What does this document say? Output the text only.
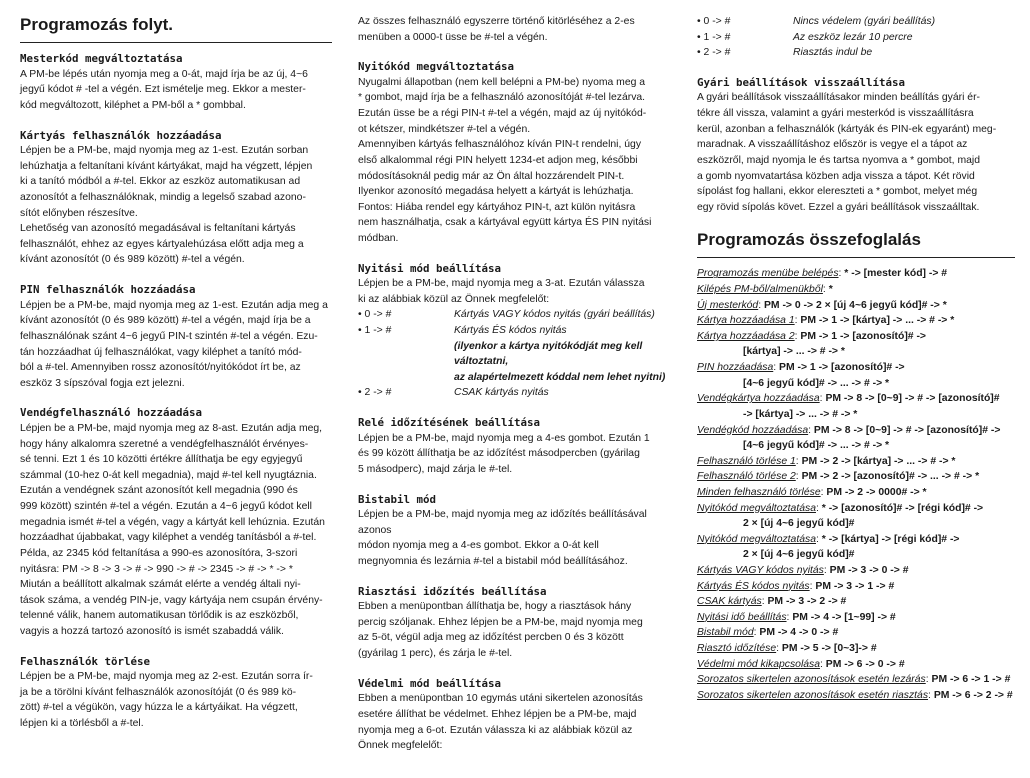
Programozás folyt.
Mesterkód megváltoztatása
A PM-be lépés után nyomja meg a 0-át, majd írja be az új, 4~6
jegyű kódot # -tel a végén. Ezt ismételje meg. Ekkor a mester-
kód megváltozott, kiléphet a PM-ből a * gombbal.
Kártyás felhasználók hozzáadása
Lépjen be a PM-be, majd nyomja meg az 1-est. Ezután sorban
lehúzhatja a feltanítani kívánt kártyákat, majd ha végzett, lépjen
ki a tanító módból a #-tel. Ekkor az eszköz automatikusan ad
azonosítót a felhasználóknak, mindig a legelső szabad azono-
sítót előnyben részesítve.
Lehetőség van azonosító megadásával is feltanítani kártyás
felhasználót, ehhez az egyes kártyalehúzása előtt adja meg a
kívánt azonosítót (0 és 989 között) #-tel a végén.
PIN felhasználók hozzáadása
Lépjen be a PM-be, majd nyomja meg az 1-est. Ezután adja meg a
kívánt azonosítót (0 és 989 között) #-tel a végén, majd írja be a
felhasználónak szánt 4~6 jegyű PIN-t szintén #-tel a végén. Ezu-
tán hozzáadhat új felhasználókat, vagy kiléphet a tanító mód-
ból a #-tel. Amennyiben rossz azonosítót/nyitókódot írt be, az
eszköz 3 sípszóval fogja ezt jelezni.
Vendégfelhasználó hozzáadása
Lépjen be a PM-be, majd nyomja meg az 8-ast. Ezután adja meg,
hogy hány alkalomra szeretné a vendégfelhasználót érvényes-
sé tenni. Ezt 1 és 10 közötti értékre állíthatja be egy egyjegyű
számmal (10-hez 0-át kell megadnia), majd #-tel kell nyugtáznia.
Ezután a vendégnek szánt azonosítót kell megadnia (990 és
999 között) szintén #-tel a végén. Ezután a 4~6 jegyű kódot kell
megadnia ismét #-tel a végén, vagy a kártyát kell lehúznia. Ezután
hozzáadhat újabbakat, vagy kiléphet a vendég tanításból a #-tel.
Példa, az 2345 kód feltanítása a 990-es azonosítóra, 3-szori
nyitásra: PM -> 8 -> 3 -> # -> 990 -> # -> 2345 -> # -> * -> *
Miután a beállított alkalmak számát elérte a vendég általi nyi-
tások száma, a vendég PIN-je, vagy kártyája nem csupán érvény-
telenné válik, hanem automatikusan törlődik is az eszközből,
vagyis a hozzá tartozó azonosító is ismét szabaddá válik.
Felhasználók törlése
Lépjen be a PM-be, majd nyomja meg az 2-est. Ezután sorra ír-
ja be a törölni kívánt felhasználók azonosítóját (0 és 989 kö-
zött) #-tel a végükön, vagy húzza le a kártyáikat. Ha végzett,
lépjen ki a törlésből a #-tel.
Az összes felhasználó egyszerre történő kitörléséhez a 2-es
menüben a 0000-t üsse be #-tel a végén.
Nyitókód megváltoztatása
Nyugalmi állapotban (nem kell belépni a PM-be) nyoma meg a
* gombot, majd írja be a felhasználó azonosítóját #-tel lezárva.
Ezután üsse be a régi PIN-t #-tel a végén, majd az új nyitókód-
ot kétszer, mindkétszer #-tel a végén.
Amennyiben kártyás felhasználóhoz kíván PIN-t rendelni, úgy
első alkalommal régi PIN helyett 1234-et adjon meg, későbbi
módosításoknál pedig már az Ön által hozzárendelt PIN-t.
Ilyenkor azonosító megadása helyett a kártyát is lehúzhatja.
Fontos: Hiába rendel egy kártyához PIN-t, azt külön nyitásra
nem használhatja, csak a kártyával együtt kártya ÉS PIN nyitási
módban.
Nyitási mód beállítása
Lépjen be a PM-be, majd nyomja meg a 3-at. Ezután válassza
ki az alábbiak közül az Önnek megfelelőt:
• 0 -> #	Kártyás VAGY kódos nyitás (gyári beállítás)
• 1 -> #	Kártyás ÉS kódos nyitás
(ilyenkor a kártya nyitókódját meg kell változtatni,
az alapértelmezett kóddal nem lehet nyitni)
• 2 -> #	CSAK kártyás nyitás
Relé időzítésének beállítása
Lépjen be a PM-be, majd nyomja meg a 4-es gombot. Ezután 1
és 99 között állíthatja be az időzítést másodpercben (gyárilag
5 másodperc), majd zárja le #-tel.
Bistabil mód
Lépjen be a PM-be, majd nyomja meg az időzítés beállításával azonos
módon nyomja meg a 4-es gombot. Ekkor a 0-át kell
megnyomnia és lezárnia #-tel a bistabil mód beállításához.
Riasztási időzítés beállítása
Ebben a menüpontban állíthatja be, hogy a riasztások hány
percig szóljanak. Ehhez lépjen be a PM-be, majd nyomja meg
az 5-öt, végül adja meg az időzítést percben 0 és 3 között
(gyárilag 1 perc), és zárja le #-tel.
Védelmi mód beállítása
Ebben a menüpontban 10 egymás utáni sikertelen azonosítás
esetére állíthat be védelmet. Ehhez lépjen be a PM-be, majd
nyomja meg a 6-ot. Ezután válassza ki az alábbiak közül az
Önnek megfelelőt:
• 0 -> #	Nincs védelem (gyári beállítás)
• 1 -> #	Az eszköz lezár 10 percre
• 2 -> #	Riasztás indul be
Gyári beállítások visszaállítása
A gyári beállítások visszaállításakor minden beállítás gyári ér-
tékre áll vissza, valamint a gyári mesterkód is visszaállításra
kerül, azonban a felhasználók (kártyák és PIN-ek egyaránt) meg-
maradnak. A visszaállításhoz először is vegye el a tápot az
eszközről, majd nyomja le és tartsa nyomva a * gombot, majd
a gomb nyomvatartása közben adja vissza a tápot. Két rövid
sípolást fog hallani, ekkor elereszteti a * gombot, melyet még
egy rövid sípolás követ. Ezzel a gyári beállítások visszaálltak.
Programozás összefoglalás
Programozás menübe belépés: * -> [mester kód] -> #
Kilépés PM-ből/almenükből: *
Új mesterkód: PM -> 0 -> 2 × [új 4~6 jegyű kód]# -> *
Kártya hozzáadása 1: PM -> 1 -> [kártya] -> ... -> # -> *
Kártya hozzáadása 2: PM -> 1 -> [azonosító]# ->
[kártya] -> ... -> # -> *
PIN hozzáadása: PM -> 1 -> [azonosító]# ->
[4~6 jegyű kód]# -> ... -> # -> *
Vendégkártya hozzáadása: PM -> 8 -> [0~9] -> # -> [azonosító]#
-> [kártya] -> ... -> # -> *
Vendégkód hozzáadása: PM -> 8 -> [0~9] -> # -> [azonosító]# ->
[4~6 jegyű kód]# -> ... -> # -> *
Felhasználó törlése 1: PM -> 2 -> [kártya] -> ... -> # -> *
Felhasználó törlése 2: PM -> 2 -> [azonosító]# -> ... -> # -> *
Minden felhasználó törlése: PM -> 2 -> 0000# -> *
Nyitókód megváltoztatása: * -> [azonosító]# -> [régi kód]# ->
2 × [új 4~6 jegyű kód]#
Nyitókód megváltoztatása: * -> [kártya] -> [régi kód]# ->
2 × [új 4~6 jegyű kód]#
Kártyás VAGY kódos nyitás: PM -> 3 -> 0 -> #
Kártyás ÉS kódos nyitás: PM -> 3 -> 1 -> #
CSAK kártyás: PM -> 3 -> 2 -> #
Nyitási idő beállítás: PM -> 4 -> [1~99] -> #
Bistabil mód: PM -> 4 -> 0 -> #
Riasztó időzítése: PM -> 5 -> [0~3]-> #
Védelmi mód kikapcsolása: PM -> 6 -> 0 -> #
Sorozatos sikertelen azonosítások esetén lezárás: PM -> 6 -> 1 -> #
Sorozatos sikertelen azonosítások esetén riasztás: PM -> 6 -> 2 -> #
